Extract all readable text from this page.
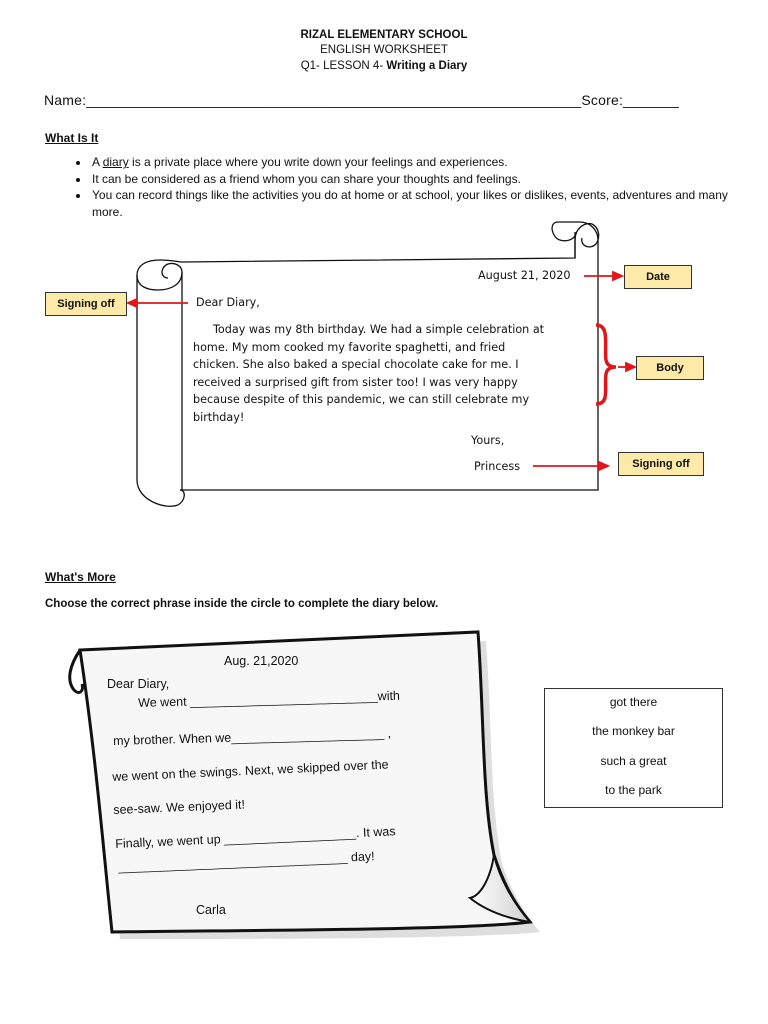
RIZAL ELEMENTARY SCHOOL
ENGLISH WORKSHEET
Q1- LESSON 4- Writing a Diary
Name:______________________________________________________________Score:_______
What Is It
• A diary is a private place where you write down your feelings and experiences.
• It can be considered as a friend whom you can share your thoughts and feelings.
• You can record things like the activities you do at home or at school, your likes or dislikes, events, adventures and many more.
August 21, 2020
Dear Diary,
Today was my 8th birthday. We had a simple celebration at
home. My mom cooked my favorite spaghetti, and fried
chicken. She also baked a special chocolate cake for me. I
received a surprised gift from sister too! I was very happy
because despite of this pandemic, we can still celebrate my
birthday!
Yours,
Princess
Date
Signing off
Body
Signing off
What's More
Choose the correct phrase inside the circle to complete the diary below.
Aug. 21,2020
Dear Diary,
We went ___________________________with
my brother. When we______________________ ,
we went on the swings. Next, we skipped over the
see-saw. We enjoyed it!
Finally, we went up ___________________. It was
_________________________________ day!
Carla
got there
the monkey bar
such a great
to the park
